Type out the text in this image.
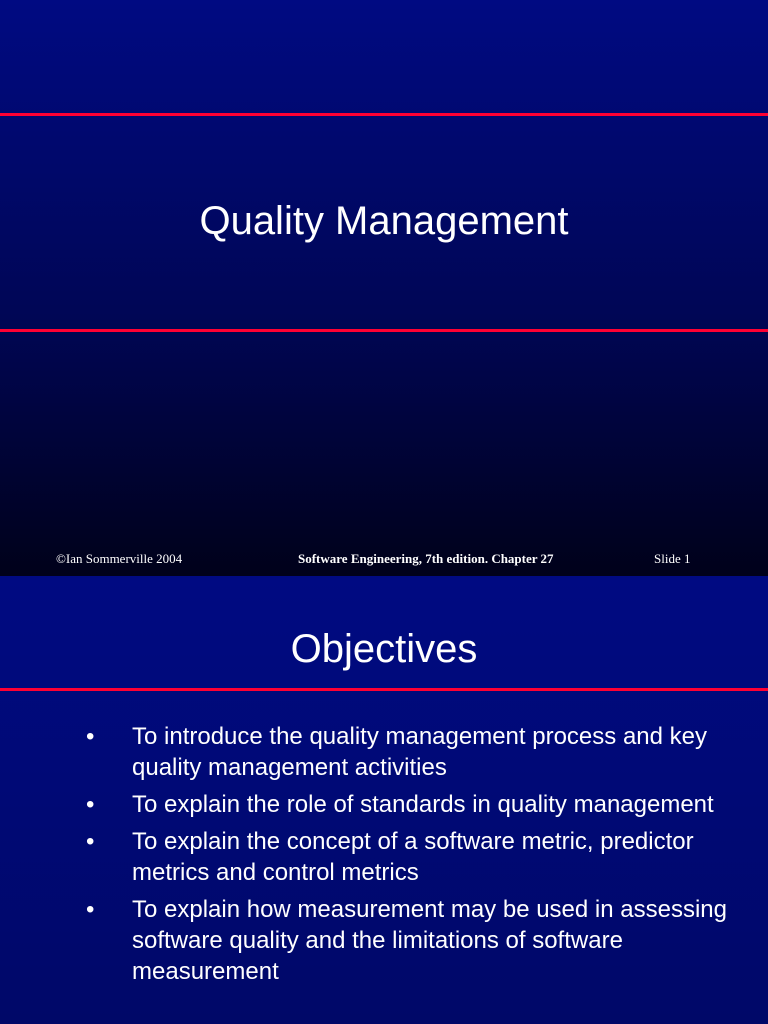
Quality Management
©Ian Sommerville 2004	Software Engineering, 7th edition. Chapter 27	Slide 1
Objectives
• To introduce the quality management process and key quality management activities
• To explain the role of standards in quality management
• To explain the concept of a software metric, predictor metrics and control metrics
• To explain how measurement may be used in assessing software quality and the limitations of software measurement
